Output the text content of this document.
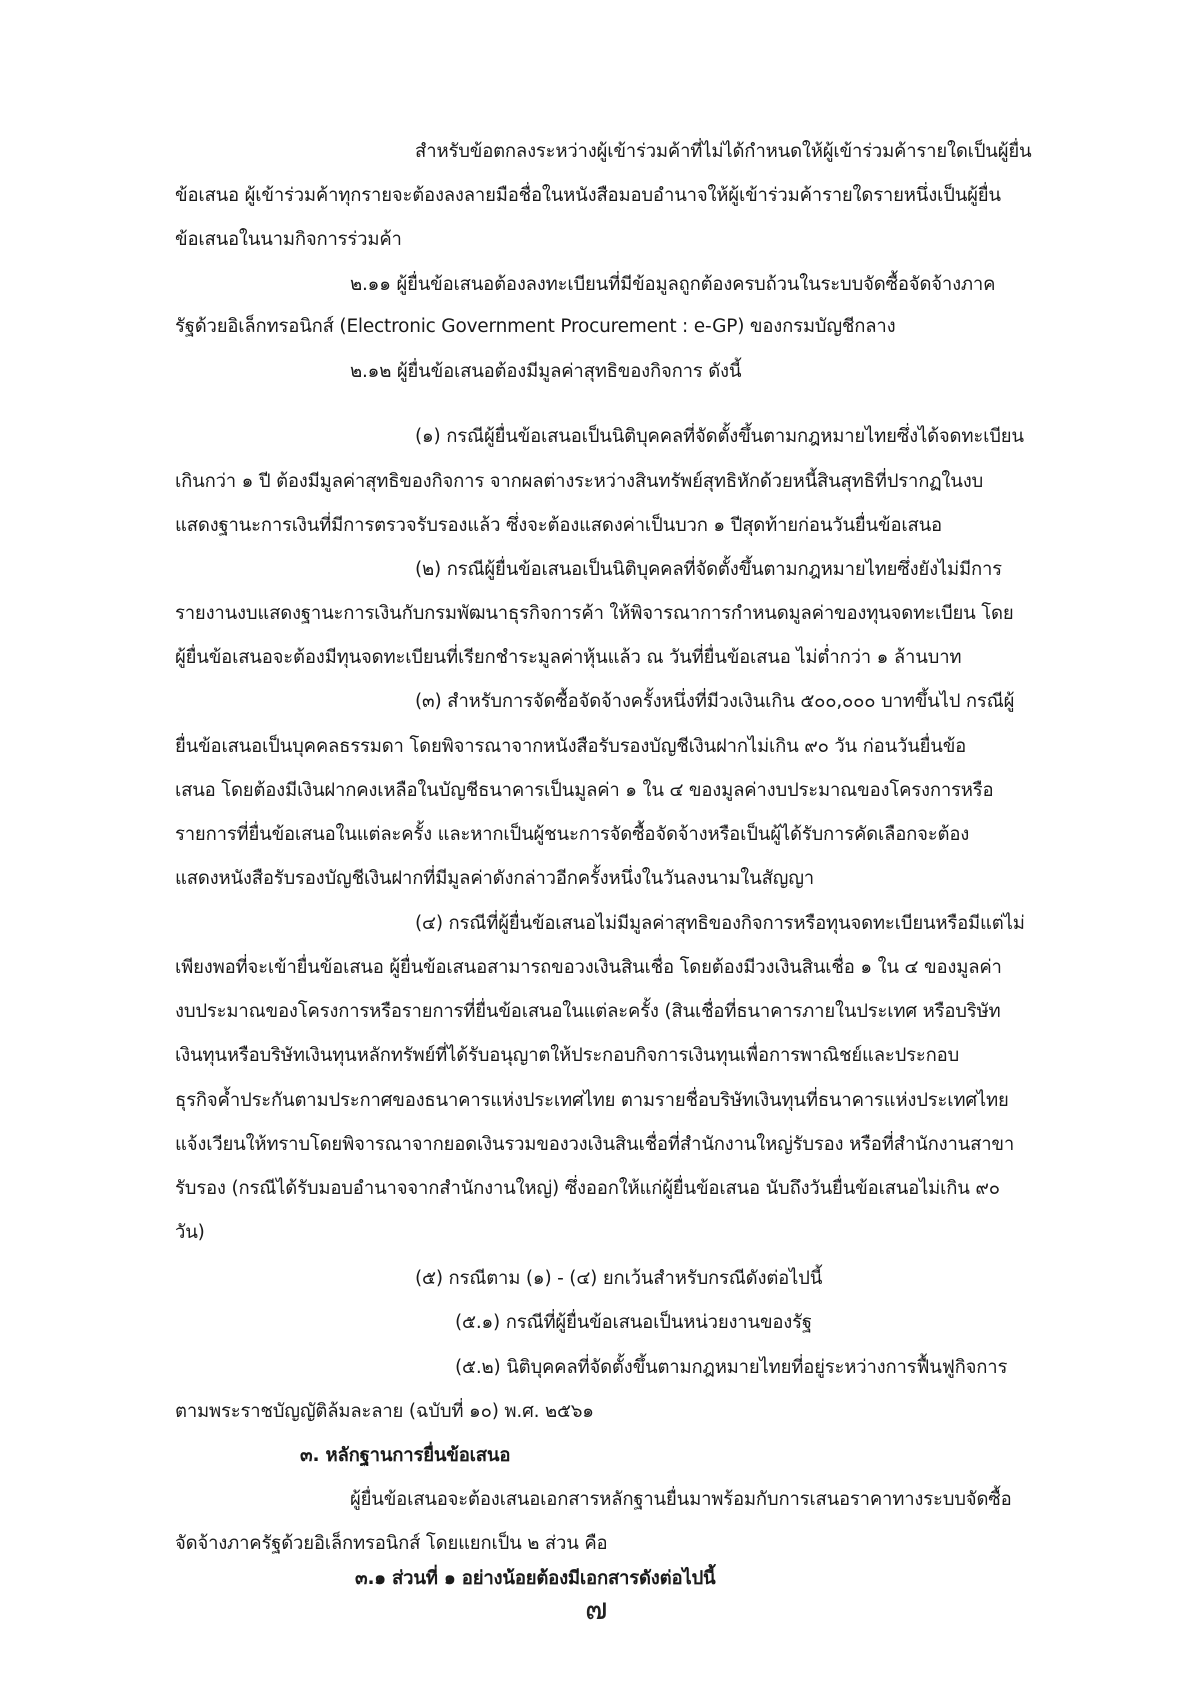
สำหรับข้อตกลงระหว่างผู้เข้าร่วมค้าที่ไม่ได้กำหนดให้ผู้เข้าร่วมค้ารายใดเป็นผู้ยื่น
ข้อเสนอ ผู้เข้าร่วมค้าทุกรายจะต้องลงลายมือชื่อในหนังสือมอบอำนาจให้ผู้เข้าร่วมค้ารายใดรายหนึ่งเป็นผู้ยื่น
ข้อเสนอในนามกิจการร่วมค้า
๒.๑๑ ผู้ยื่นข้อเสนอต้องลงทะเบียนที่มีข้อมูลถูกต้องครบถ้วนในระบบจัดซื้อจัดจ้างภาค
รัฐด้วยอิเล็กทรอนิกส์ (Electronic Government Procurement : e-GP) ของกรมบัญชีกลาง
๒.๑๒ ผู้ยื่นข้อเสนอต้องมีมูลค่าสุทธิของกิจการ ดังนี้
(๑) กรณีผู้ยื่นข้อเสนอเป็นนิติบุคคลที่จัดตั้งขึ้นตามกฎหมายไทยซึ่งได้จดทะเบียน
เกินกว่า ๑ ปี ต้องมีมูลค่าสุทธิของกิจการ จากผลต่างระหว่างสินทรัพย์สุทธิหักด้วยหนี้สินสุทธิที่ปรากฏในงบ
แสดงฐานะการเงินที่มีการตรวจรับรองแล้ว ซึ่งจะต้องแสดงค่าเป็นบวก ๑ ปีสุดท้ายก่อนวันยื่นข้อเสนอ
(๒) กรณีผู้ยื่นข้อเสนอเป็นนิติบุคคลที่จัดตั้งขึ้นตามกฎหมายไทยซึ่งยังไม่มีการ
รายงานงบแสดงฐานะการเงินกับกรมพัฒนาธุรกิจการค้า ให้พิจารณาการกำหนดมูลค่าของทุนจดทะเบียน โดย
ผู้ยื่นข้อเสนอจะต้องมีทุนจดทะเบียนที่เรียกชำระมูลค่าหุ้นแล้ว ณ วันที่ยื่นข้อเสนอ ไม่ต่ำกว่า ๑ ล้านบาท
(๓) สำหรับการจัดซื้อจัดจ้างครั้งหนึ่งที่มีวงเงินเกิน ๕๐๐,๐๐๐ บาทขึ้นไป กรณีผู้
ยื่นข้อเสนอเป็นบุคคลธรรมดา โดยพิจารณาจากหนังสือรับรองบัญชีเงินฝากไม่เกิน ๙๐ วัน ก่อนวันยื่นข้อ
เสนอ โดยต้องมีเงินฝากคงเหลือในบัญชีธนาคารเป็นมูลค่า ๑ ใน ๔ ของมูลค่างบประมาณของโครงการหรือ
รายการที่ยื่นข้อเสนอในแต่ละครั้ง และหากเป็นผู้ชนะการจัดซื้อจัดจ้างหรือเป็นผู้ได้รับการคัดเลือกจะต้อง
แสดงหนังสือรับรองบัญชีเงินฝากที่มีมูลค่าดังกล่าวอีกครั้งหนึ่งในวันลงนามในสัญญา
(๔) กรณีที่ผู้ยื่นข้อเสนอไม่มีมูลค่าสุทธิของกิจการหรือทุนจดทะเบียนหรือมีแต่ไม่
เพียงพอที่จะเข้ายื่นข้อเสนอ ผู้ยื่นข้อเสนอสามารถขอวงเงินสินเชื่อ โดยต้องมีวงเงินสินเชื่อ ๑ ใน ๔ ของมูลค่า
งบประมาณของโครงการหรือรายการที่ยื่นข้อเสนอในแต่ละครั้ง (สินเชื่อที่ธนาคารภายในประเทศ หรือบริษัท
เงินทุนหรือบริษัทเงินทุนหลักทรัพย์ที่ได้รับอนุญาตให้ประกอบกิจการเงินทุนเพื่อการพาณิชย์และประกอบ
ธุรกิจค้ำประกันตามประกาศของธนาคารแห่งประเทศไทย ตามรายชื่อบริษัทเงินทุนที่ธนาคารแห่งประเทศไทย
แจ้งเวียนให้ทราบโดยพิจารณาจากยอดเงินรวมของวงเงินสินเชื่อที่สำนักงานใหญ่รับรอง หรือที่สำนักงานสาขา
รับรอง (กรณีได้รับมอบอำนาจจากสำนักงานใหญ่) ซึ่งออกให้แก่ผู้ยื่นข้อเสนอ นับถึงวันยื่นข้อเสนอไม่เกิน ๙๐
วัน)
(๕) กรณีตาม (๑) - (๔) ยกเว้นสำหรับกรณีดังต่อไปนี้
(๕.๑) กรณีที่ผู้ยื่นข้อเสนอเป็นหน่วยงานของรัฐ
(๕.๒) นิติบุคคลที่จัดตั้งขึ้นตามกฎหมายไทยที่อยู่ระหว่างการฟื้นฟูกิจการ
ตามพระราชบัญญัติล้มละลาย (ฉบับที่ ๑๐) พ.ศ. ๒๕๖๑
๓. หลักฐานการยื่นข้อเสนอ
ผู้ยื่นข้อเสนอจะต้องเสนอเอกสารหลักฐานยื่นมาพร้อมกับการเสนอราคาทางระบบจัดซื้อ
จัดจ้างภาครัฐด้วยอิเล็กทรอนิกส์ โดยแยกเป็น ๒ ส่วน คือ
๓.๑ ส่วนที่ ๑ อย่างน้อยต้องมีเอกสารดังต่อไปนี้
๗
